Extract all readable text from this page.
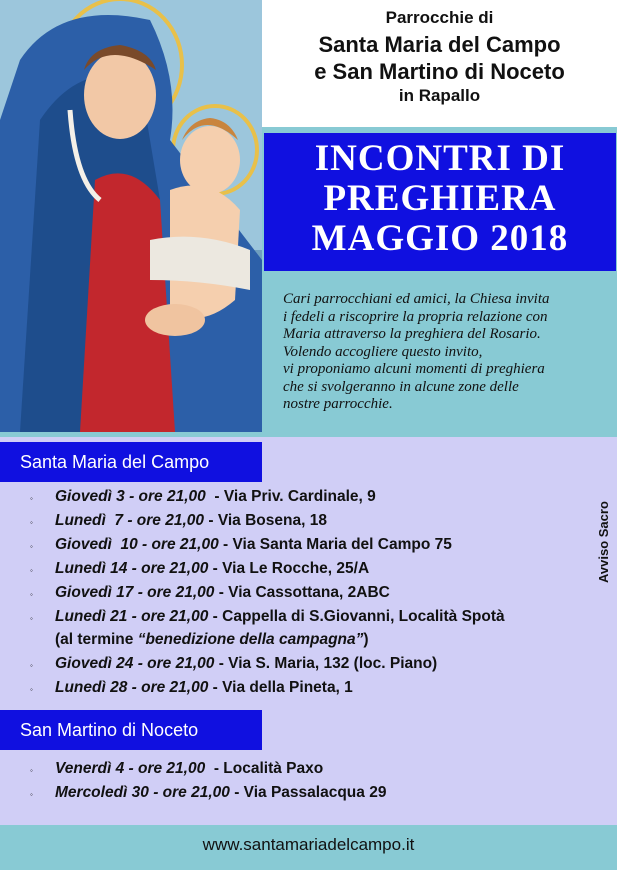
Parrocchie di
Santa Maria del Campo
e San Martino di Noceto
in Rapallo
INCONTRI DI
PREGHIERA
MAGGIO 2018
Cari parrocchiani ed amici, la Chiesa invita
i fedeli a riscoprire la propria relazione con
Maria attraverso la preghiera del Rosario.
Volendo accogliere questo invito,
vi proponiamo alcuni momenti di preghiera
che si svolgeranno in alcune zone delle
nostre parrocchie.
Santa Maria del Campo
◦ Giovedì 3 - ore 21,00  - Via Priv. Cardinale, 9
◦ Lunedì  7 - ore 21,00 - Via Bosena, 18
◦ Giovedì  10 - ore 21,00 - Via Santa Maria del Campo 75
◦ Lunedì 14 - ore 21,00 - Via Le Rocche, 25/A
◦ Giovedì 17 - ore 21,00 - Via Cassottana, 2ABC
◦ Lunedì 21 - ore 21,00 - Cappella di S.Giovanni, Località Spotà
(al termine “benedizione della campagna”)
◦ Giovedì 24 - ore 21,00 - Via S. Maria, 132 (loc. Piano)
◦ Lunedì 28 - ore 21,00 - Via della Pineta, 1
San Martino di Noceto
◦ Venerdì 4 - ore 21,00  - Località Paxo
◦ Mercoledì 30 - ore 21,00 - Via Passalacqua 29
Avviso Sacro
www.santamariadelcampo.it
